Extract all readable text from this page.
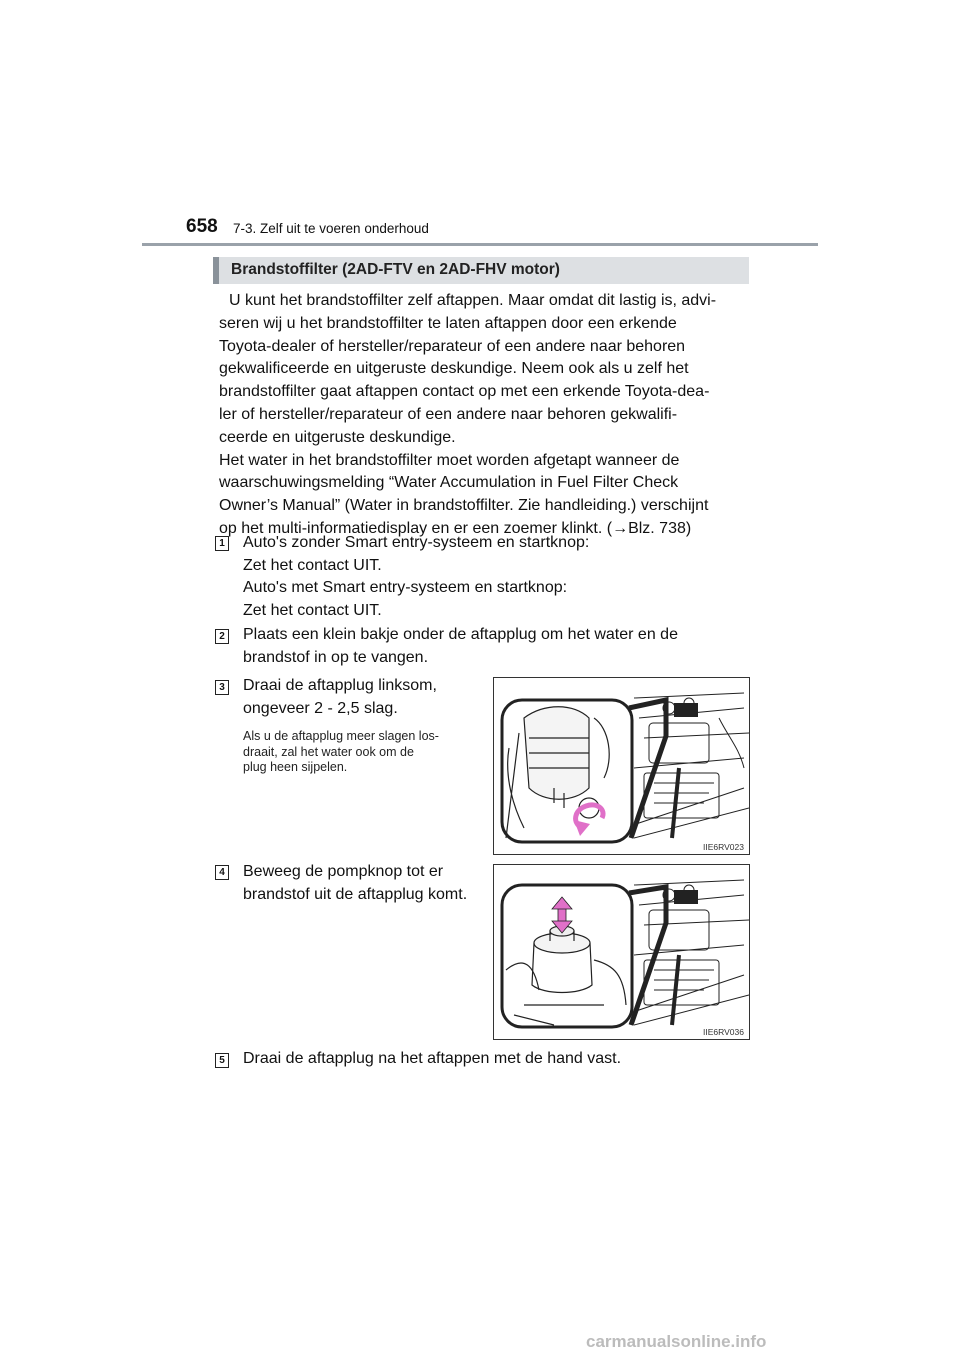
658 7-3. Zelf uit te voeren onderhoud
Brandstoffilter (2AD-FTV en 2AD-FHV motor)
U kunt het brandstoffilter zelf aftappen. Maar omdat dit lastig is, advi-
seren wij u het brandstoffilter te laten aftappen door een erkende
Toyota-dealer of hersteller/reparateur of een andere naar behoren
gekwalificeerde en uitgeruste deskundige. Neem ook als u zelf het
brandstoffilter gaat aftappen contact op met een erkende Toyota-dea-
ler of hersteller/reparateur of een andere naar behoren gekwalifi-
ceerde en uitgeruste deskundige.
Het water in het brandstoffilter moet worden afgetapt wanneer de
waarschuwingsmelding “Water Accumulation in Fuel Filter Check
Owner’s Manual” (Water in brandstoffilter. Zie handleiding.) verschijnt
op het multi-informatiedisplay en er een zoemer klinkt. (→Blz. 738)
1 Auto's zonder Smart entry-systeem en startknop:
Zet het contact UIT.
Auto's met Smart entry-systeem en startknop:
Zet het contact UIT.
2 Plaats een klein bakje onder de aftapplug om het water en de
brandstof in op te vangen.
3 Draai de aftapplug linksom,
ongeveer 2 - 2,5 slag.
Als u de aftapplug meer slagen los-
draait, zal het water ook om de
plug heen sijpelen.
IIE6RV023
4 Beweeg de pompknop tot er
brandstof uit de aftapplug komt.
IIE6RV036
5 Draai de aftapplug na het aftappen met de hand vast.
carmanualsonline.info
